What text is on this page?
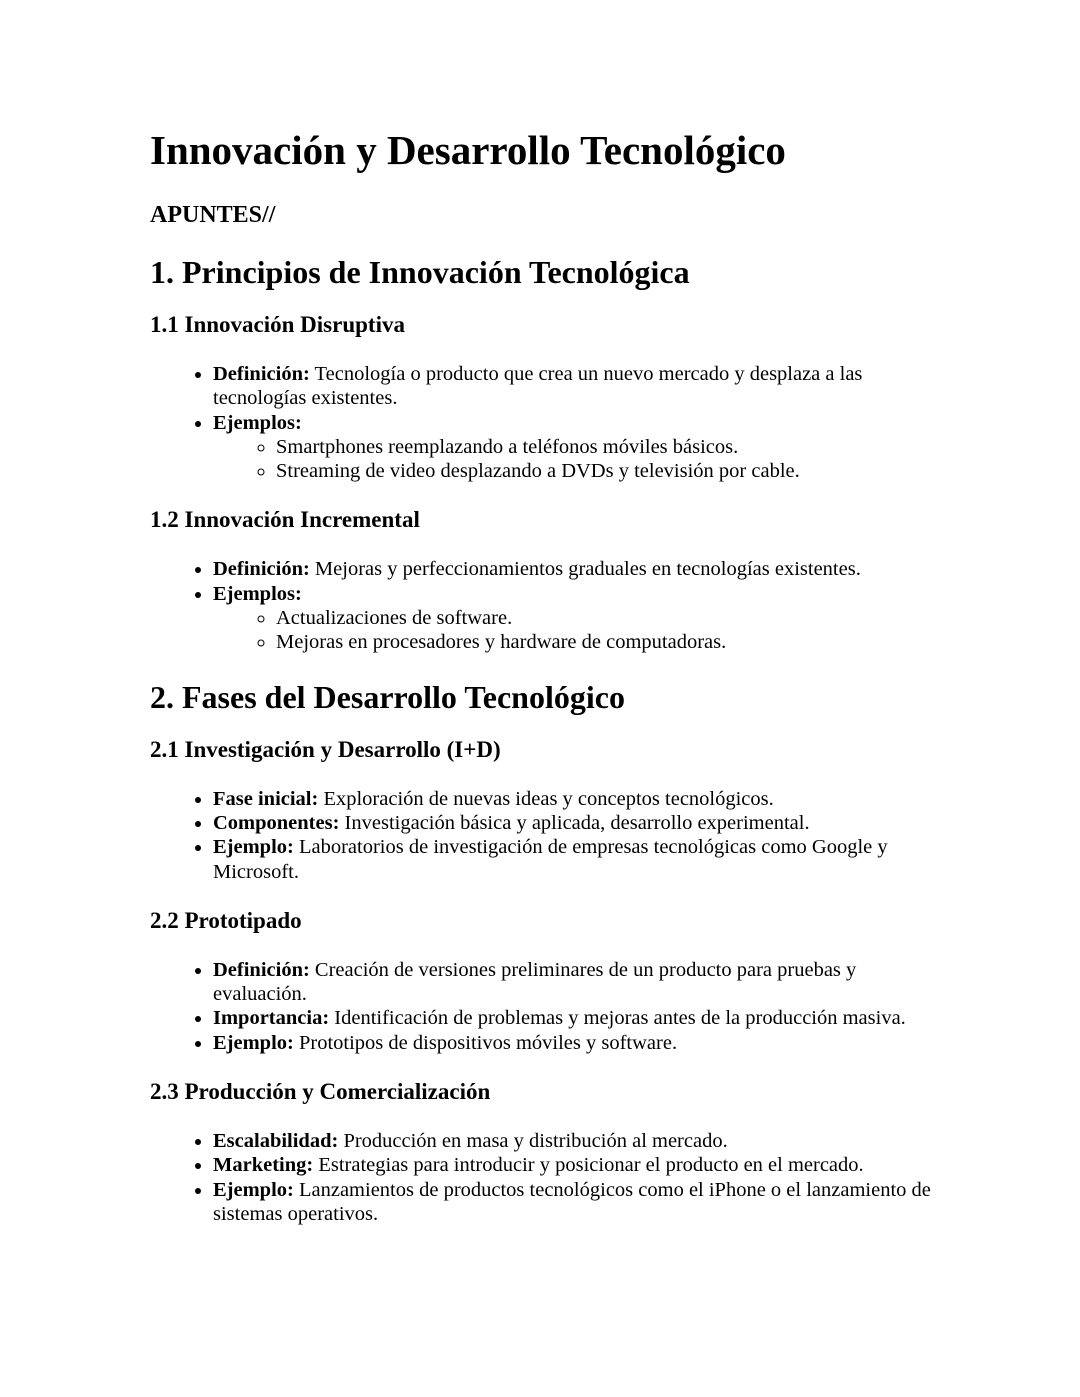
Innovación y Desarrollo Tecnológico
APUNTES//
1. Principios de Innovación Tecnológica
1.1 Innovación Disruptiva
• Definición: Tecnología o producto que crea un nuevo mercado y desplaza a las tecnologías existentes.
• Ejemplos:
◦ Smartphones reemplazando a teléfonos móviles básicos.
◦ Streaming de video desplazando a DVDs y televisión por cable.
1.2 Innovación Incremental
• Definición: Mejoras y perfeccionamientos graduales en tecnologías existentes.
• Ejemplos:
◦ Actualizaciones de software.
◦ Mejoras en procesadores y hardware de computadoras.
2. Fases del Desarrollo Tecnológico
2.1 Investigación y Desarrollo (I+D)
• Fase inicial: Exploración de nuevas ideas y conceptos tecnológicos.
• Componentes: Investigación básica y aplicada, desarrollo experimental.
• Ejemplo: Laboratorios de investigación de empresas tecnológicas como Google y Microsoft.
2.2 Prototipado
• Definición: Creación de versiones preliminares de un producto para pruebas y evaluación.
• Importancia: Identificación de problemas y mejoras antes de la producción masiva.
• Ejemplo: Prototipos de dispositivos móviles y software.
2.3 Producción y Comercialización
• Escalabilidad: Producción en masa y distribución al mercado.
• Marketing: Estrategias para introducir y posicionar el producto en el mercado.
• Ejemplo: Lanzamientos de productos tecnológicos como el iPhone o el lanzamiento de sistemas operativos.
